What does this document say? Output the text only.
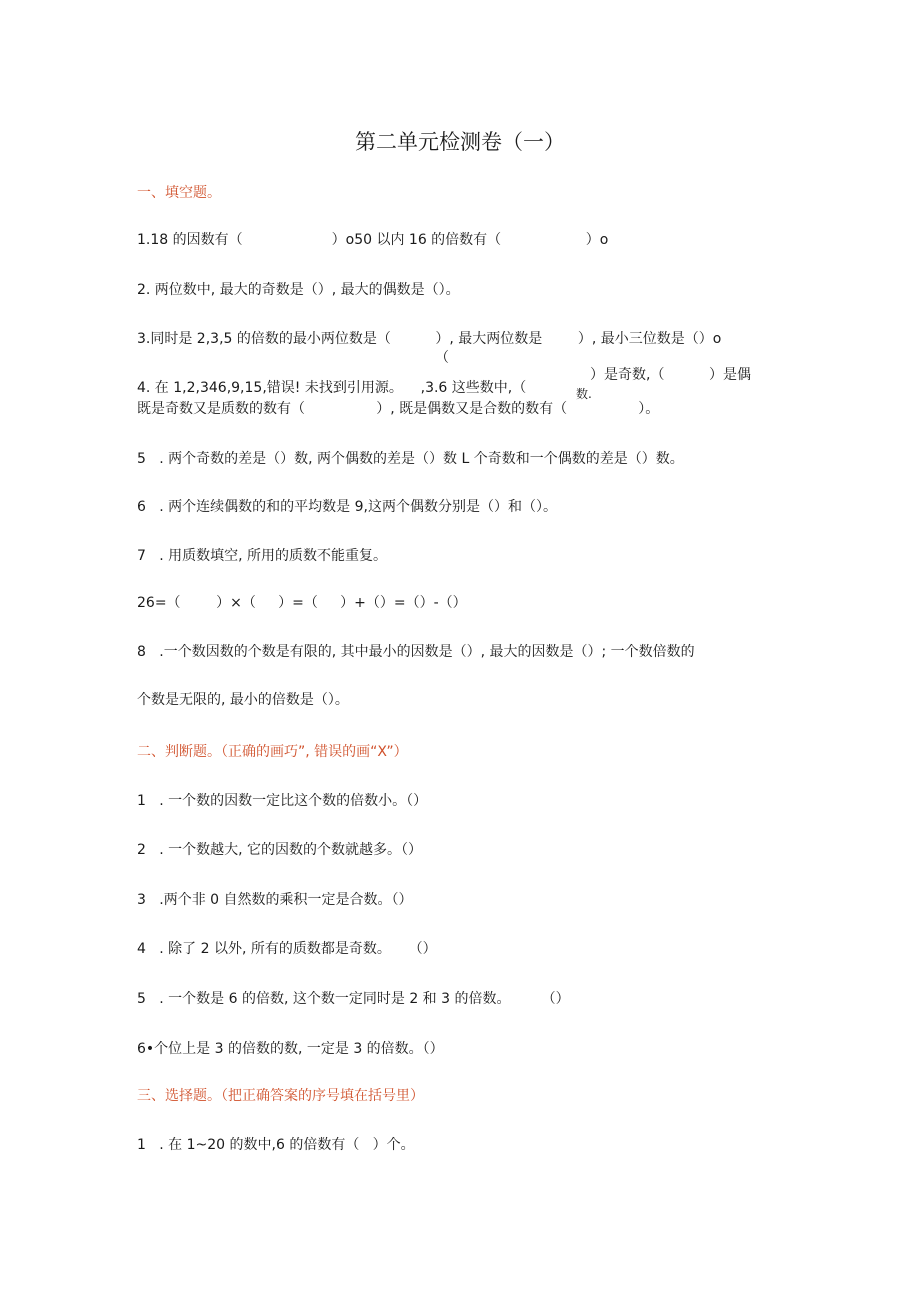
第二单元检测卷（一）
一、填空题。
1.18 的因数有（                    ）o50 以内 16 的倍数有（                   ）o
2. 两位数中, 最大的奇数是（）, 最大的偶数是（）。
3.同时是 2,3,5 的倍数的最小两位数是（          ）, 最大两位数是        ）, 最小三位数是（）o
（
）是奇数,（          ）是偶
4. 在 1,2,346,9,15,错误! 未找到引用源。    ,3.6 这些数中,（	数.
既是奇数又是质数的数有（                ）, 既是偶数又是合数的数有（                ）。
5   . 两个奇数的差是（）数, 两个偶数的差是（）数 L 个奇数和一个偶数的差是（）数。
6   . 两个连续偶数的和的平均数是 9,这两个偶数分别是（）和（）。
7   . 用质数填空, 所用的质数不能重复。
26=（        ）×（     ）=（     ）+（）=（）-（）
8   .一个数因数的个数是有限的, 其中最小的因数是（）, 最大的因数是（）; 一个数倍数的
个数是无限的, 最小的倍数是（）。
二、判断题。（正确的画巧”, 错误的画“X”）
1   . 一个数的因数一定比这个数的倍数小。（）
2   . 一个数越大, 它的因数的个数就越多。（）
3   .两个非 0 自然数的乘积一定是合数。（）
4   . 除了 2 以外, 所有的质数都是奇数。    （）
5   . 一个数是 6 的倍数, 这个数一定同时是 2 和 3 的倍数。       （）
6•个位上是 3 的倍数的数, 一定是 3 的倍数。（）
三、选择题。（把正确答案的序号填在括号里）
1   . 在 1~20 的数中,6 的倍数有（   ）个。
